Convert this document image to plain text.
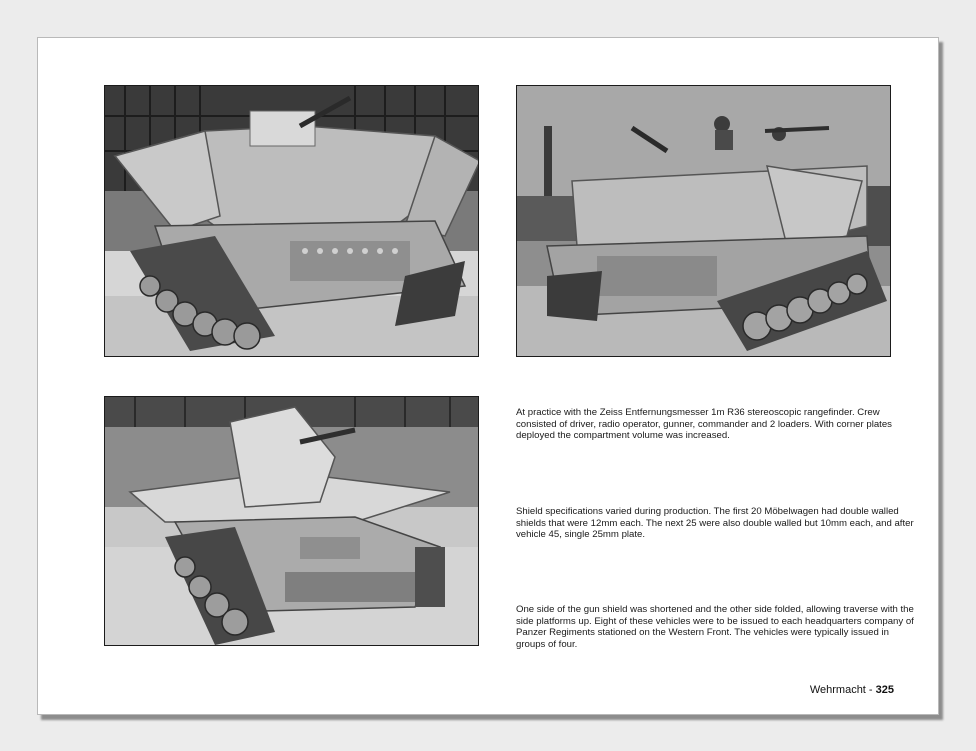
At practice with the Zeiss Entfernungsmesser 1m R36 stereoscopic rangefinder. Crew consisted of driver, radio operator, gunner, commander and 2 loaders. With corner plates deployed the compartment volume was increased.

Shield specifications varied during production. The first 20 Möbelwagen had double walled shields that were 12mm each. The next 25 were also double walled but 10mm each, and after vehicle 45, single 25mm plate.

One side of the gun shield was shortened and the other side folded, allowing traverse with the side platforms up. Eight of these vehicles were to be issued to each headquarters company of Panzer Regiments stationed on the Western Front. The vehicles were typically issued in groups of four.

Wehrmacht - 325
